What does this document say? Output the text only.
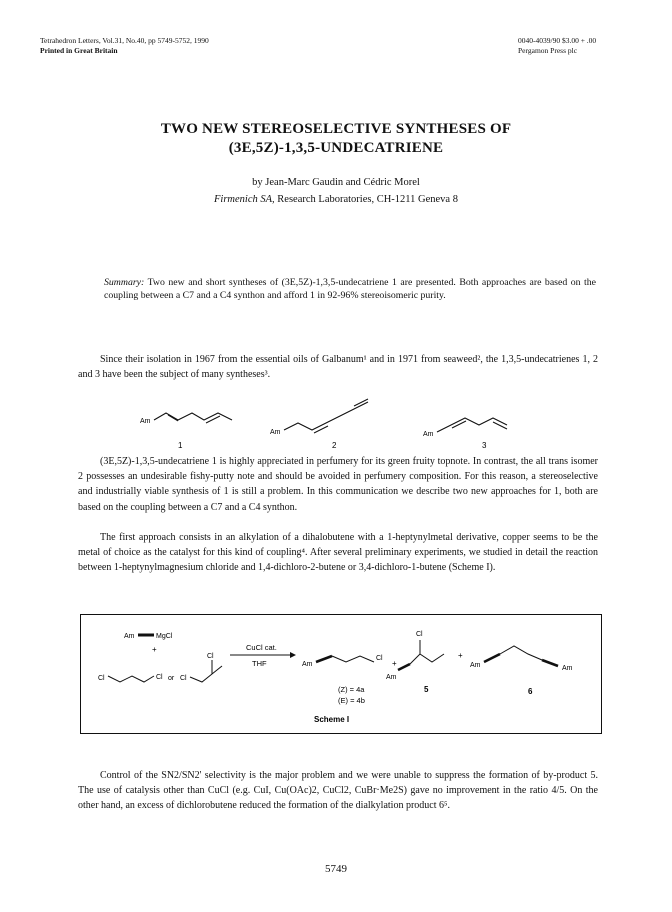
Tetrahedron Letters, Vol.31, No.40, pp 5749-5752, 1990
Printed in Great Britain
0040-4039/90 $3.00 + .00
Pergamon Press plc
TWO NEW STEREOSELECTIVE SYNTHESES OF
(3E,5Z)-1,3,5-UNDECATRIENE
by Jean-Marc Gaudin and Cédric Morel
Firmenich SA, Research Laboratories, CH-1211 Geneva 8
Summary: Two new and short syntheses of (3E,5Z)-1,3,5-undecatriene 1 are presented. Both approaches are based on the coupling between a C7 and a C4 synthon and afford 1 in 92-96% stereoisomeric purity.
Since their isolation in 1967 from the essential oils of Galbanum¹ and in 1971 from seaweed², the 1,3,5-undecatrienes 1, 2 and 3 have been the subject of many syntheses³.
Am
1
Am
2
Am
3
(3E,5Z)-1,3,5-undecatriene 1 is highly appreciated in perfumery for its green fruity topnote. In contrast, the all trans isomer 2 possesses an undesirable fishy-putty note and should be avoided in perfumery composition. For this reason, a stereoselective and industrially viable synthesis of 1 is still a problem. In this communication we describe two new approaches for 1, both are based on the coupling between a C7 and a C4 synthon.
The first approach consists in an alkylation of a dihalobutene with a 1-heptynylmetal derivative, copper seems to be the metal of choice as the catalyst for this kind of coupling⁴. After several preliminary experiments, we studied in detail the reaction between 1-heptynylmagnesium chloride and 1,4-dichloro-2-butene or 3,4-dichloro-1-butene (Scheme I).
Am	MgCl
+
Cl	Cl or Cl
Cl
CuCl cat.
THF	Am
Cl
(Z) = 4a
(E) = 4b
+
Cl
Am
5
+
Am	Am
6
Scheme I
Control of the SN2/SN2' selectivity is the major problem and we were unable to suppress the formation of by-product 5. The use of catalysis other than CuCl (e.g. CuI, Cu(OAc)2, CuCl2, CuBr·Me2S) gave no improvement in the ratio 4/5. On the other hand, an excess of dichlorobutene reduced the formation of the dialkylation product 6⁵.
5749
